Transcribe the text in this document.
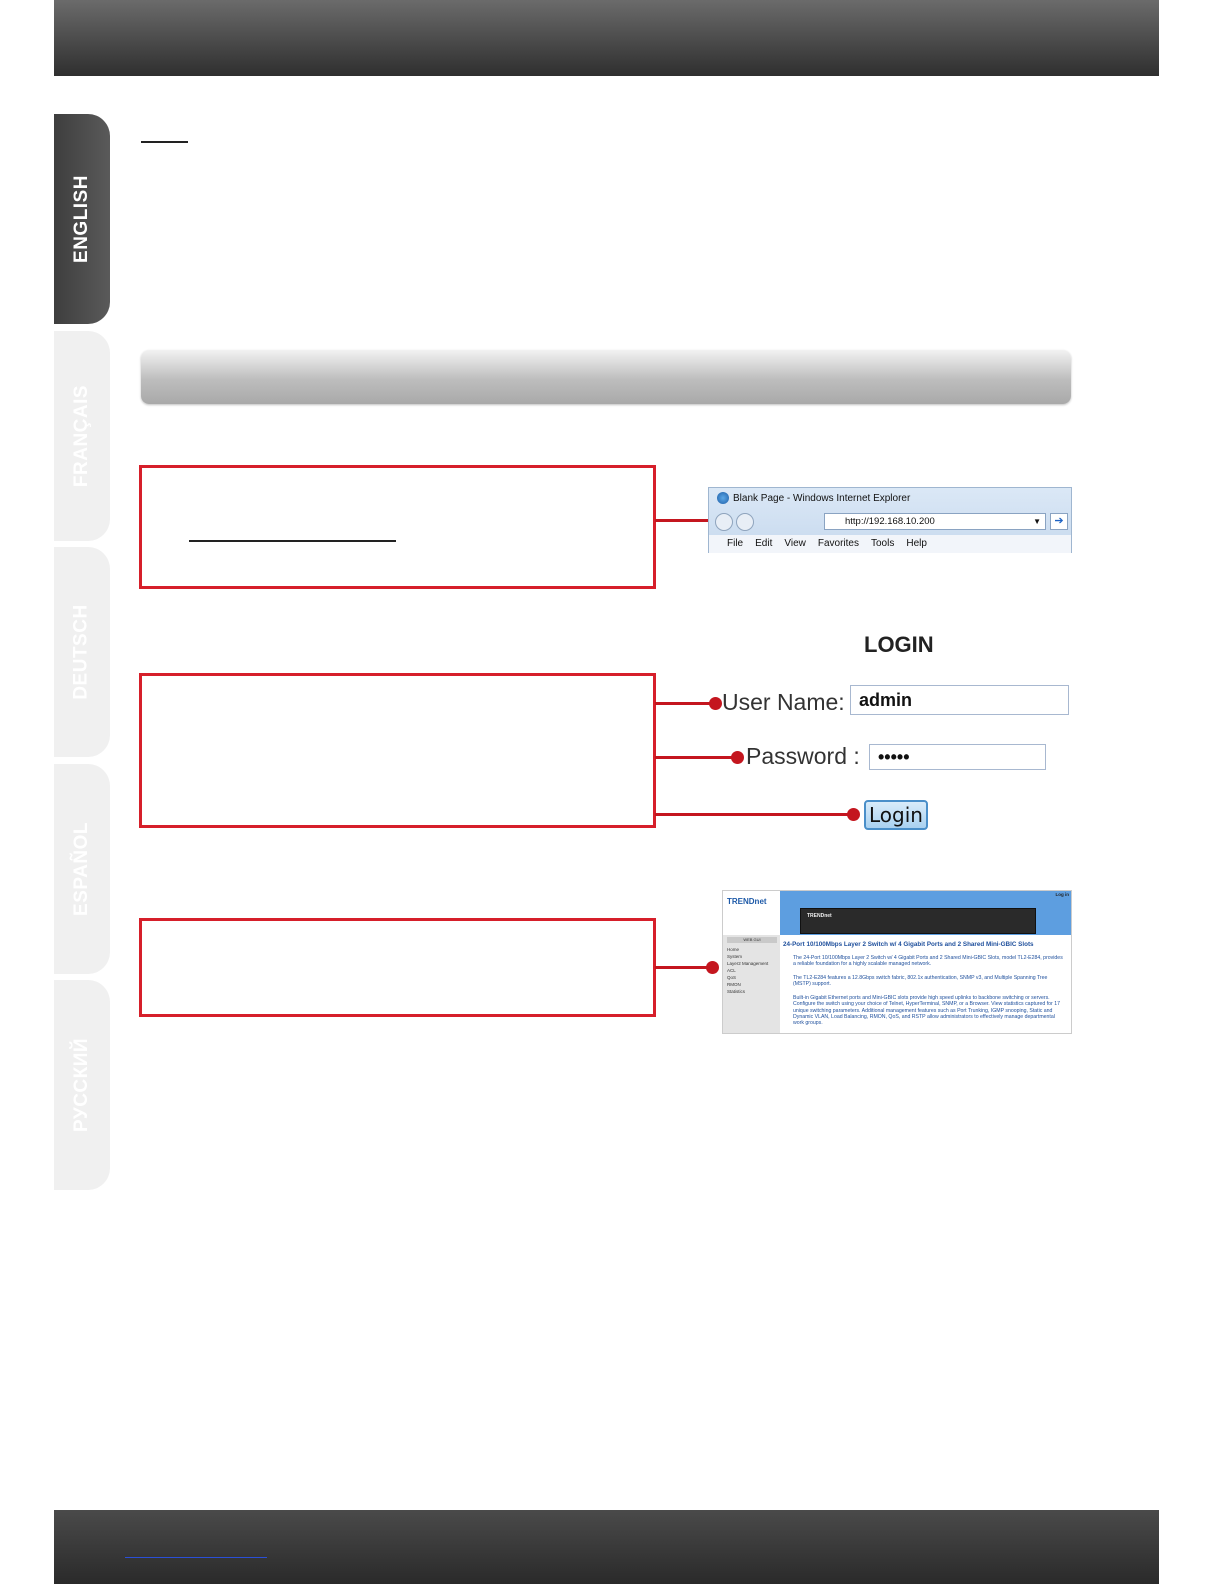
ENGLISH
FRANÇAIS
DEUTSCH
ESPAÑOL
РУССКИЙ
Blank Page - Windows Internet Explorer
http://192.168.10.200	▼	➔
File Edit View Favorites Tools Help
LOGIN
User Name: admin
Password :	•••••
Login
TRENDnet
Log in
TRENDnet
WEB GUI
Home
System
Layer2 Management
ACL
QoS
RMON
Statistics
24-Port 10/100Mbps Layer 2 Switch w/ 4 Gigabit Ports and 2 Shared Mini-GBIC Slots
The 24-Port 10/100Mbps Layer 2 Switch w/ 4 Gigabit Ports and 2 Shared Mini-GBIC Slots, model TL2-E284, provides a reliable foundation for a highly scalable managed network.
The TL2-E284 features a 12.8Gbps switch fabric, 802.1x authentication, SNMP v3, and Multiple Spanning Tree (MSTP) support.
Built-in Gigabit Ethernet ports and Mini-GBIC slots provide high speed uplinks to backbone switching or servers. Configure the switch using your choice of Telnet, HyperTerminal, SNMP, or a Browser. View statistics captured for 17 unique switching parameters. Additional management features such as Port Trunking, IGMP snooping, Static and Dynamic VLAN, Load Balancing, RMON, QoS, and RSTP allow administrators to effectively manage departmental work groups.
